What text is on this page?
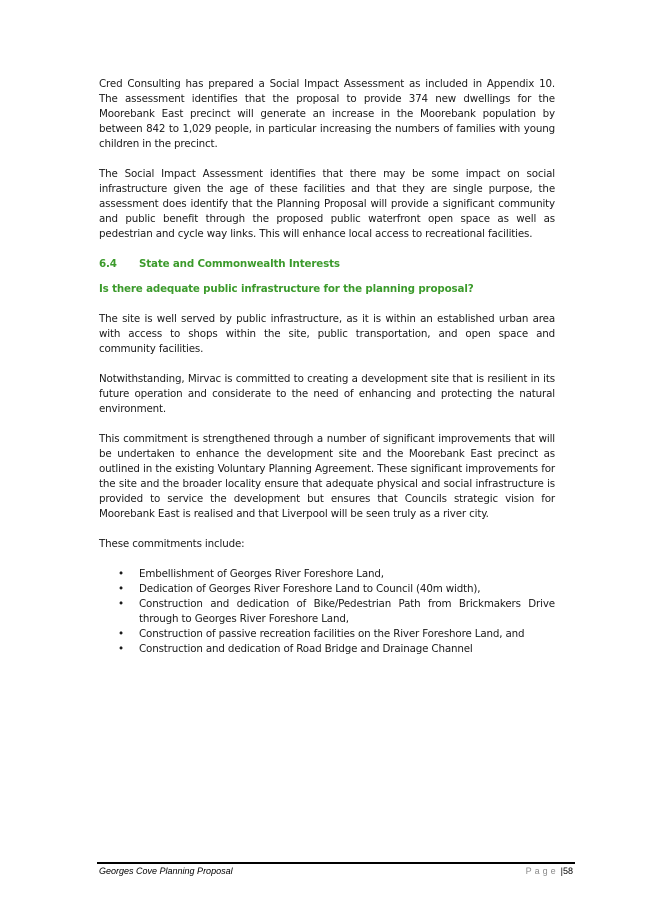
Cred Consulting has prepared a Social Impact Assessment as included in Appendix 10. The assessment identifies that the proposal to provide 374 new dwellings for the Moorebank East precinct will generate an increase in the Moorebank population by between 842 to 1,029 people, in particular increasing the numbers of families with young children in the precinct.

The Social Impact Assessment identifies that there may be some impact on social infrastructure given the age of these facilities and that they are single purpose, the assessment does identify that the Planning Proposal will provide a significant community and public benefit through the proposed public waterfront open space as well as pedestrian and cycle way links. This will enhance local access to recreational facilities.

6.4	State and Commonwealth Interests

Is there adequate public infrastructure for the planning proposal?

The site is well served by public infrastructure, as it is within an established urban area with access to shops within the site, public transportation, and open space and community facilities.

Notwithstanding, Mirvac is committed to creating a development site that is resilient in its future operation and considerate to the need of enhancing and protecting the natural environment.

This commitment is strengthened through a number of significant improvements that will be undertaken to enhance the development site and the Moorebank East precinct as outlined in the existing Voluntary Planning Agreement. These significant improvements for the site and the broader locality ensure that adequate physical and social infrastructure is provided to service the development but ensures that Councils strategic vision for Moorebank East is realised and that Liverpool will be seen truly as a river city.

These commitments include:

• Embellishment of Georges River Foreshore Land,
• Dedication of Georges River Foreshore Land to Council (40m width),
• Construction and dedication of Bike/Pedestrian Path from Brickmakers Drive through to Georges River Foreshore Land,
• Construction of passive recreation facilities on the River Foreshore Land, and
• Construction and dedication of Road Bridge and Drainage Channel
Georges Cove Planning Proposal	Page |58
